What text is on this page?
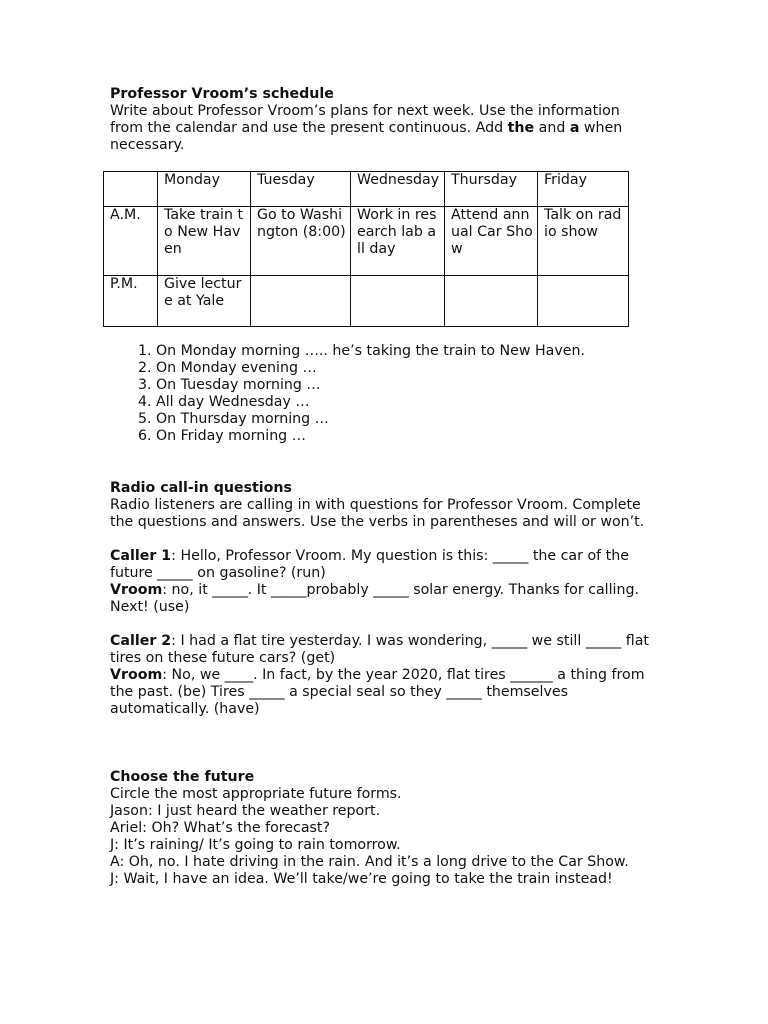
Professor Vroom’s schedule

Write about Professor Vroom’s plans for next week. Use the information from the calendar and use the present continuous. Add the and a when necessary.

	Monday	Tuesday	Wednesday	Thursday	Friday
A.M.	Take train to New Haven	Go to Washington (8:00)	Work in research lab all day	Attend annual Car Show	Talk on radio show
P.M.	Give lecture at Yale				
1. On Monday morning ….. he’s taking the train to New Haven.
2. On Monday evening …
3. On Tuesday morning …
4. All day Wednesday …
5. On Thursday morning …
6. On Friday morning …
Radio call-in questions

Radio listeners are calling in with questions for Professor Vroom. Complete the questions and answers. Use the verbs in parentheses and will or won’t.

Caller 1: Hello, Professor Vroom. My question is this: _____ the car of the future _____ on gasoline? (run)

Vroom: no, it _____. It _____probably _____ solar energy. Thanks for calling. Next! (use)

Caller 2: I had a flat tire yesterday. I was wondering, _____ we still _____ flat tires on these future cars? (get)

Vroom: No, we ____. In fact, by the year 2020, flat tires ______ a thing from the past. (be) Tires _____ a special seal so they _____ themselves automatically. (have)

Choose the future

Circle the most appropriate future forms.

Jason: I just heard the weather report.

Ariel: Oh? What’s the forecast?

J: It’s raining/ It’s going to rain tomorrow.

A: Oh, no. I hate driving in the rain. And it’s a long drive to the Car Show.

J: Wait, I have an idea. We’ll take/we’re going to take the train instead!
